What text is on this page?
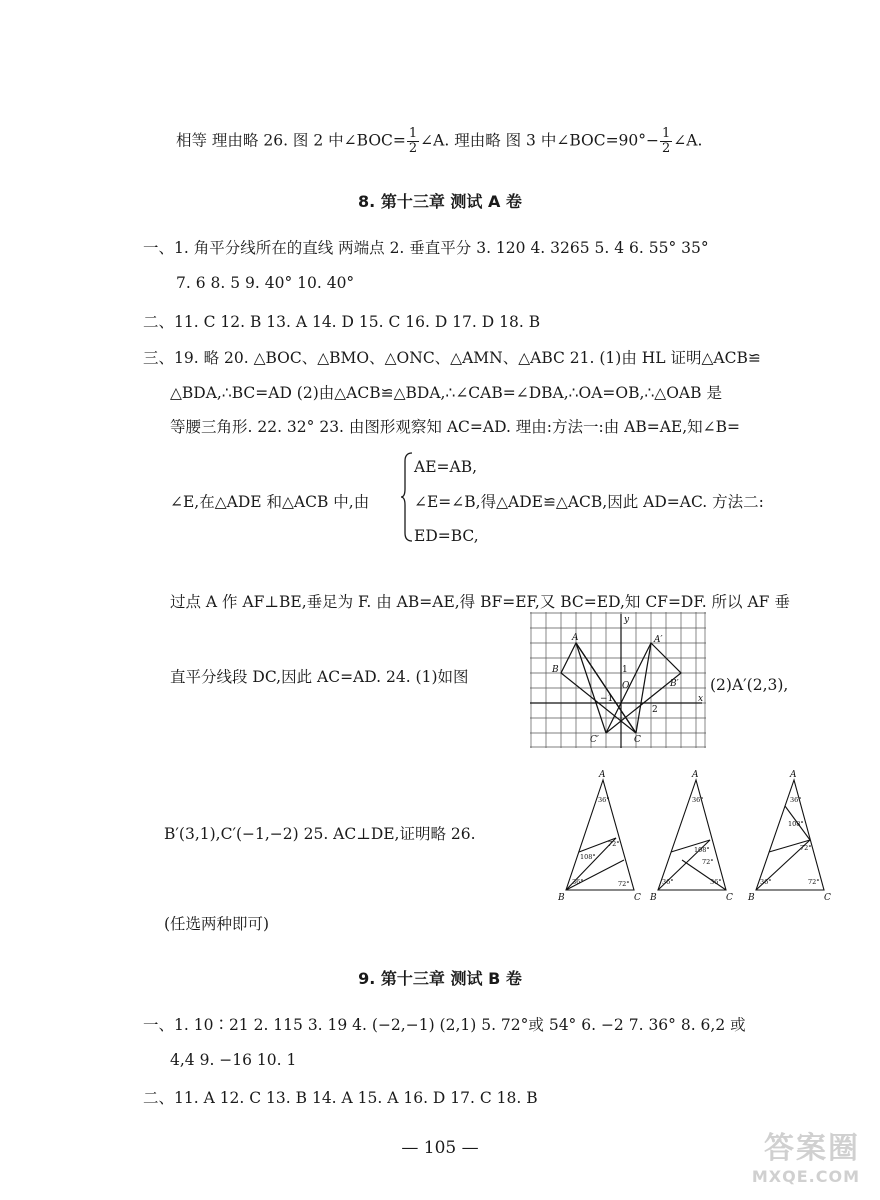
相等 理由略 26. 图 2 中∠BOC= $\frac{1}{2}$ ∠A. 理由略 图 3 中∠BOC=90°− $\frac{1}{2}$ ∠A.
8. 第十三章 测试 A 卷
一、1. 角平分线所在的直线 两端点 2. 垂直平分 3. 120 4. 3265 5. 4 6. 55° 35°
7. 6 8. 5 9. 40° 10. 40°
二、11. C 12. B 13. A 14. D 15. C 16. D 17. D 18. B
三、19. 略 20. △BOC、△BMO、△ONC、△AMN、△ABC 21. (1)由 HL 证明△ACB≌
△BDA,∴BC=AD (2)由△ACB≌△BDA,∴∠CAB=∠DBA,∴OA=OB,∴△OAB 是
等腰三角形. 22. 32° 23. 由图形观察知 AC=AD. 理由:方法一:由 AB=AE,知∠B=
AE=AB,
∠E,在△ADE 和△ACB 中,由	∠E=∠B,得△ADE≌△ACB,因此 AD=AC. 方法二:
ED=BC,
过点 A 作 AF⊥BE,垂足为 F. 由 AB=AE,得 BF=EF,又 BC=ED,知 CF=DF. 所以 AF 垂
直平分线段 DC,因此 AC=AD. 24. (1)如图	(2)A′(2,3),
y
x
A	A′
B
B′
C
C′
O
1
2
−1
B′(3,1),C′(−1,−2) 25. AC⊥DE,证明略 26.
A
B	C
A
B	C
A
B	C
36°
72°
108°
36°	72°
36°
108°
72°
36°	36°
36°
108°
72°
36°	72°
(任选两种即可)
9. 第十三章 测试 B 卷
一、1. 10∶21 2. 115 3. 19 4. (−2,−1) (2,1) 5. 72°或 54° 6. −2 7. 36° 8. 6,2 或
4,4 9. −16 10. 1
二、11. A 12. C 13. B 14. A 15. A 16. D 17. C 18. B
— 105 —	答案圈
MXQE.COM
